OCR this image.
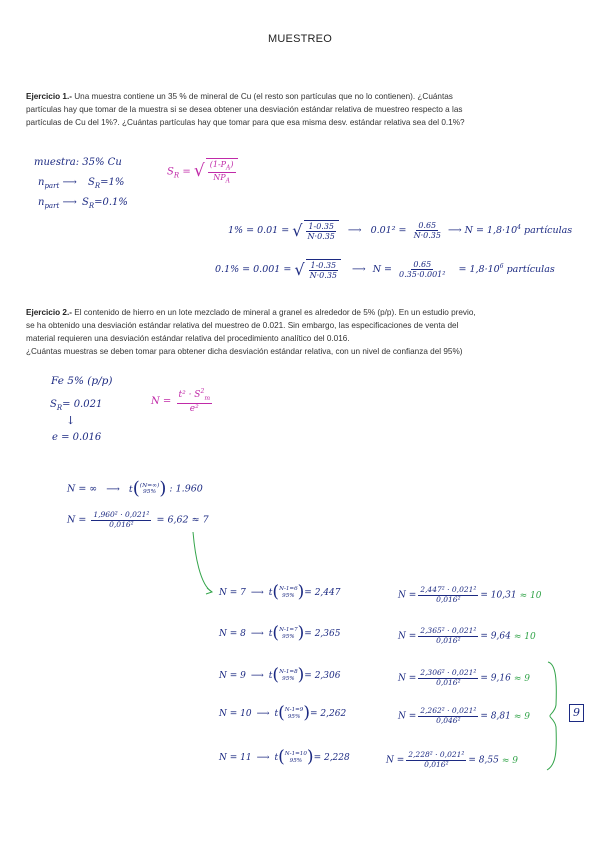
MUESTREO
Ejercicio 1.- Una muestra contiene un 35 % de mineral de Cu (el resto son partículas que no lo contienen). ¿Cuántas
partículas hay que tomar de la muestra si se desea obtener una desviación estándar relativa de muestreo respecto a las
partículas de Cu del 1%?. ¿Cuántas partículas hay que tomar para que esa misma desv. estándar relativa sea del 0.1%?
muestra: 35% Cu
$n_{part}$ ⟶ $S_R=1\%$
$n_{part}$ ⟶ $S_R=0.1\%$
$S_R$ = √ $\frac{(1-P_A)}{NP_A}$
1% = 0.01 = √ $\frac{1-0.35}{N\cdot 0.35}$ ⟶ $0.01^2 = \frac{0.65}{N\cdot 0.35}$ ⟶ $N = 1,8\cdot 10^4$ partículas
0.1% = 0.001 = √ $\frac{1-0.35}{N\cdot 0.35}$ ⟶ $N = \frac{0.65}{\text{0.35·0.001²}} = 1,8\cdot 10^6$ partículas
Ejercicio 2.- El contenido de hierro en un lote mezclado de mineral a granel es alrededor de 5% (p/p). En un estudio previo,
se ha obtenido una desviación estándar relativa del muestreo de 0.021. Sin embargo, las especificaciones de venta del
material requieren una desviación estándar relativa del procedimiento analítico del 0.016.
¿Cuántas muestras se deben tomar para obtener dicha desviación estándar relativa, con un nivel de confianza del 95%)
Fe 5% (p/p)
$S_R= 0.021$
↓
e = 0.016
$N = \frac{t^2 \cdot S^2_m}{\text{e²}}$
N = ∞ ⟶ t ( (N=∞)
95% ) : 1.960
$N = \frac{\text{1,960² · 0,021²}}{\text{0,016²}} = 6,62 \approx 7$
N = 7 ⟶ t ( N-1=6
95% ) = 2,447	$N = \frac{\text{2,447² · 0,021²}}{\text{0,016²}} = 10,31 \approx 10$
N = 8 ⟶ t ( N-1=7
95% ) = 2,365	$N = \frac{\text{2,365² · 0,021²}}{\text{0,016²}} = 9,64 \approx 10$
N = 9 ⟶ t ( N-1=8
95% ) = 2,306	$N = \frac{\text{2,306² · 0,021²}}{\text{0,016²}} = 9,16 \approx 9$
N = 10 ⟶ t ( N-1=9
95% ) = 2,262	$N = \frac{\text{2,262² · 0,021²}}{\text{0,046²}} = 8,81 \approx 9$
N = 11 ⟶ t ( N-1=10
95% ) = 2,228	$N = \frac{\text{2,228² · 0,021²}}{\text{0,016²}} = 8,55 \approx 9$
9
